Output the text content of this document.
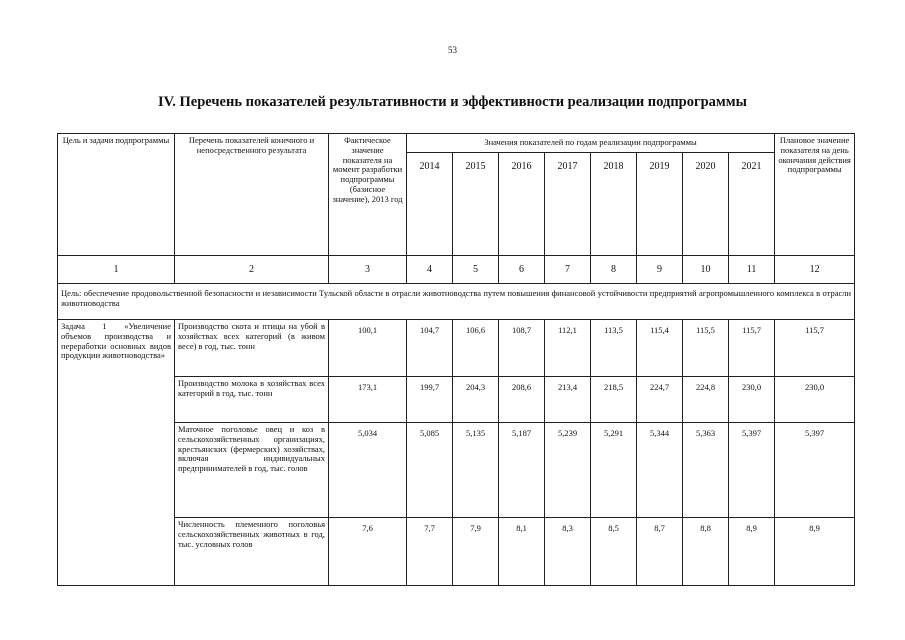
53
IV. Перечень показателей результативности и эффективности реализации подпрограммы
Цель и задачи подпрограммы	Перечень показателей конечного и непосредственного результата	Фактическое значение показателя на момент разработки подпрограммы (базисное значение), 2013 год	Значения показателей по годам реализации подпрограммы								Плановое значение показателя на день окончания действия подпрограммы
			2014	2015	2016	2017	2018	2019	2020	2021	
1	2	3	4	5	6	7	8	9	10	11	12
Цель: обеспечение продовольственной безопасности и независимости Тульской области в отрасли животноводства путем повышения финансовой устойчивости предприятий агропромышленного комплекса в отрасли животноводства											
Задача 1 «Увеличение объемов производства и переработки основных видов продукции животноводства»	Производство скота и птицы на убой в хозяйствах всех категорий (в живом весе) в год, тыс. тонн	100,1	104,7	106,6	108,7	112,1	113,5	115,4	115,5	115,7	115,7
	Производство молока в хозяйствах всех категорий в год, тыс. тонн	173,1	199,7	204,3	208,6	213,4	218,5	224,7	224,8	230,0	230,0
	Маточное поголовье овец и коз в сельскохозяйственных организациях, крестьянских (фермерских) хозяйствах, включая индивидуальных предпринимателей в год, тыс. голов	5,034	5,085	5,135	5,187	5,239	5,291	5,344	5,363	5,397	5,397
	Численность племенного поголовья сельскохозяйственных животных в год, тыс. условных голов	7,6	7,7	7,9	8,1	8,3	8,5	8,7	8,8	8,9	8,9
